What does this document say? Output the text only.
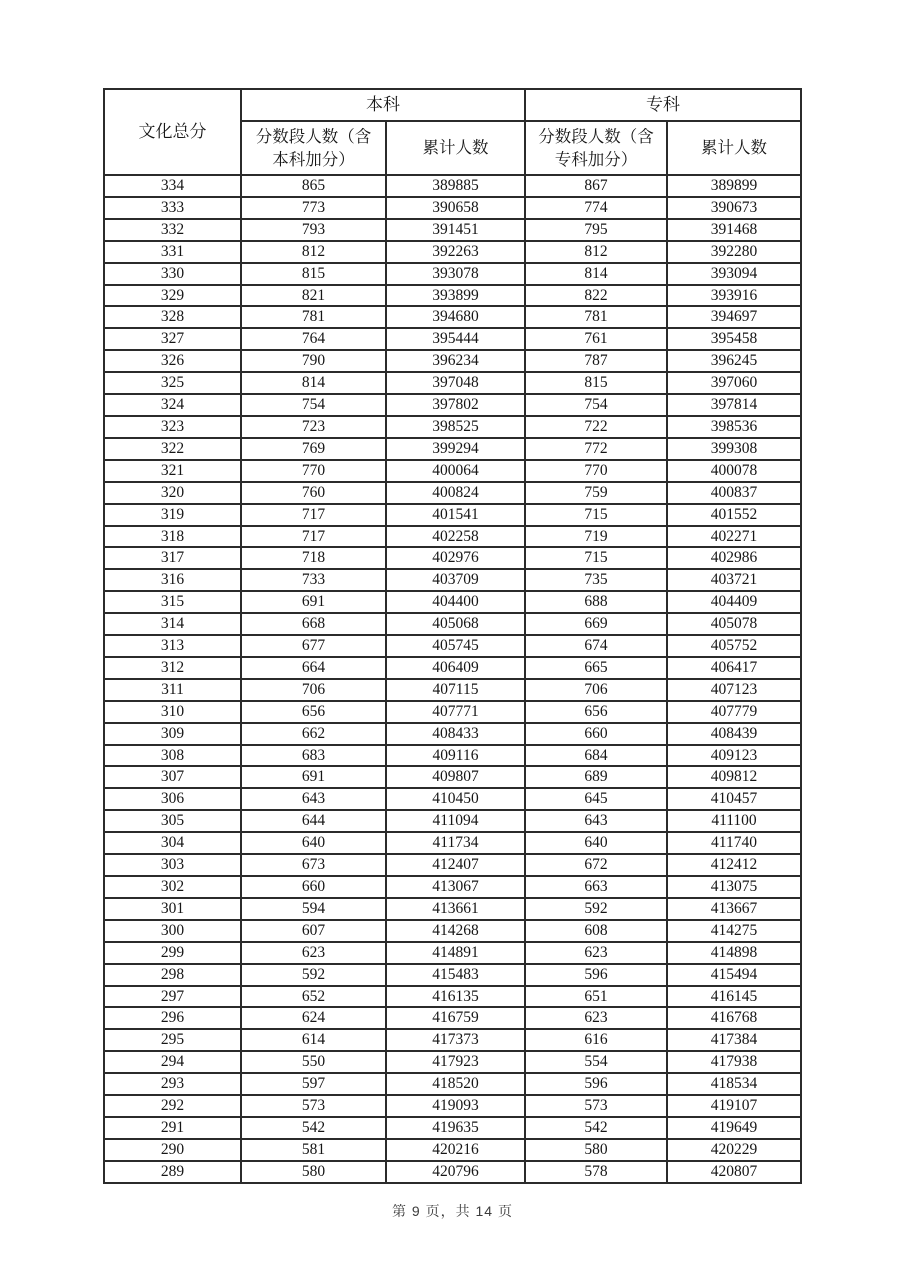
文化总分	本科		专科	
	分数段人数（含本科加分）	累计人数	分数段人数（含专科加分）	累计人数
334	865	389885	867	389899
333	773	390658	774	390673
332	793	391451	795	391468
331	812	392263	812	392280
330	815	393078	814	393094
329	821	393899	822	393916
328	781	394680	781	394697
327	764	395444	761	395458
326	790	396234	787	396245
325	814	397048	815	397060
324	754	397802	754	397814
323	723	398525	722	398536
322	769	399294	772	399308
321	770	400064	770	400078
320	760	400824	759	400837
319	717	401541	715	401552
318	717	402258	719	402271
317	718	402976	715	402986
316	733	403709	735	403721
315	691	404400	688	404409
314	668	405068	669	405078
313	677	405745	674	405752
312	664	406409	665	406417
311	706	407115	706	407123
310	656	407771	656	407779
309	662	408433	660	408439
308	683	409116	684	409123
307	691	409807	689	409812
306	643	410450	645	410457
305	644	411094	643	411100
304	640	411734	640	411740
303	673	412407	672	412412
302	660	413067	663	413075
301	594	413661	592	413667
300	607	414268	608	414275
299	623	414891	623	414898
298	592	415483	596	415494
297	652	416135	651	416145
296	624	416759	623	416768
295	614	417373	616	417384
294	550	417923	554	417938
293	597	418520	596	418534
292	573	419093	573	419107
291	542	419635	542	419649
290	581	420216	580	420229
289	580	420796	578	420807
第 9 页，共 14 页
